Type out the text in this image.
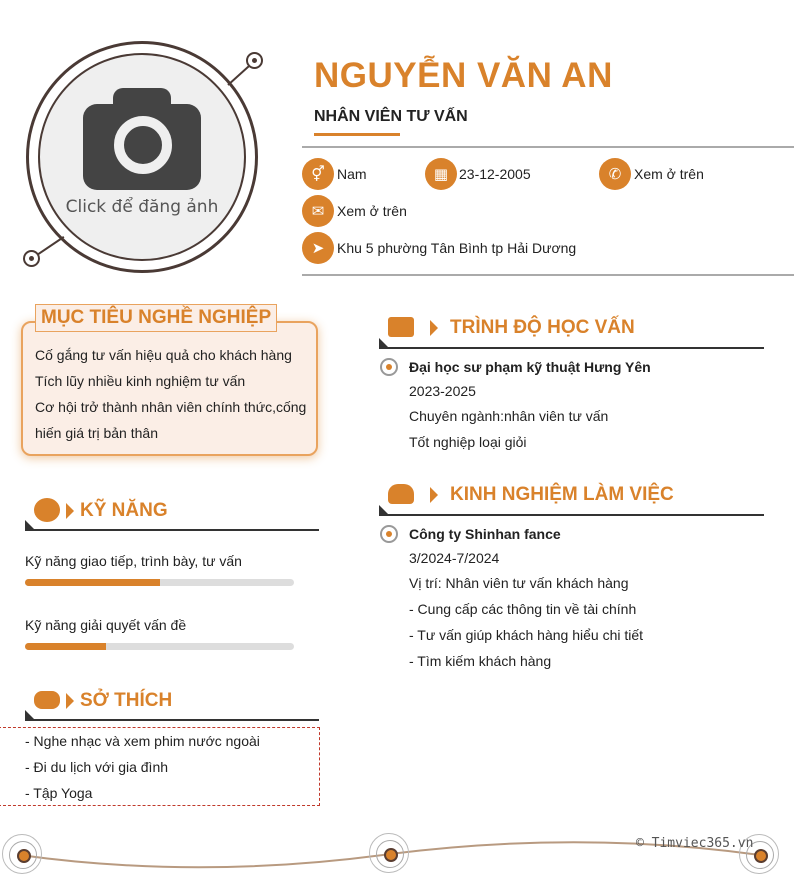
Click để đăng ảnh
NGUYỄN VĂN AN
NHÂN VIÊN TƯ VẤN
⚥ Nam	▦ 23-12-2005	✆ Xem ở trên
✉ Xem ở trên
➤ Khu 5 phường Tân Bình tp Hải Dương
MỤC TIÊU NGHỀ NGHIỆP
Cố gắng tư vấn hiệu quả cho khách hàng
Tích lũy nhiều kinh nghiệm tư vấn
Cơ hội trở thành nhân viên chính thức,cống
hiến giá trị bản thân
KỸ NĂNG
Kỹ năng giao tiếp, trình bày, tư vấn
Kỹ năng giải quyết vấn đề
SỞ THÍCH
- Nghe nhạc và xem phim nước ngoài
- Đi du lịch với gia đình
- Tập Yoga
TRÌNH ĐỘ HỌC VẤN
Đại học sư phạm kỹ thuật Hưng Yên
2023-2025
Chuyên ngành:nhân viên tư vấn
Tốt nghiệp loại giỏi
KINH NGHIỆM LÀM VIỆC
Công ty Shinhan fance
3/2024-7/2024
Vị trí: Nhân viên tư vấn khách hàng
- Cung cấp các thông tin về tài chính
- Tư vấn giúp khách hàng hiểu chi tiết
- Tìm kiếm khách hàng
© Timviec365.vn
